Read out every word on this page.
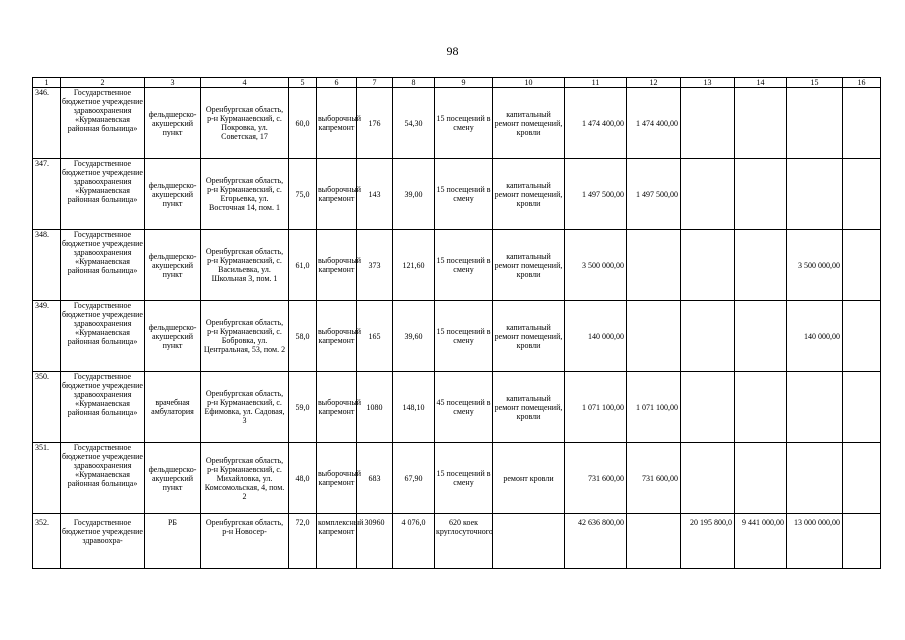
98
1	2	3	4	5	6	7	8	9	10	11	12	13	14	15	16
346.	Государственное бюджетное учреждение здравоохранения «Курманаевская районная больница»	фельдшерско-акушерский пункт	Оренбургская область, р-н Курманаевский, с. Покровка, ул. Советская, 17	60,0	выборочный капремонт	176	54,30	15 посещений в смену	капитальный ремонт помещений, кровли	1 474 400,00	1 474 400,00				
347.	Государственное бюджетное учреждение здравоохранения «Курманаевская районная больница»	фельдшерско-акушерский пункт	Оренбургская область, р-н Курманаевский, с. Егорьевка, ул. Восточная 14, пом. 1	75,0	выборочный капремонт	143	39,00	15 посещений в смену	капитальный ремонт помещений, кровли	1 497 500,00	1 497 500,00				
348.	Государственное бюджетное учреждение здравоохранения «Курманаевская районная больница»	фельдшерско-акушерский пункт	Оренбургская область, р-н Курманаевский, с. Васильевка, ул. Школьная 3, пом. 1	61,0	выборочный капремонт	373	121,60	15 посещений в смену	капитальный ремонт помещений, кровли	3 500 000,00				3 500 000,00	
349.	Государственное бюджетное учреждение здравоохранения «Курманаевская районная больница»	фельдшерско-акушерский пункт	Оренбургская область, р-н Курманаевский, с. Бобровка, ул. Центральная, 53, пом. 2	58,0	выборочный капремонт	165	39,60	15 посещений в смену	капитальный ремонт помещений, кровли	140 000,00				140 000,00	
350.	Государственное бюджетное учреждение здравоохранения «Курманаевская районная больница»	врачебная амбулатория	Оренбургская область, р-н Курманаевский, с. Ефимовка, ул. Садовая, 3	59,0	выборочный капремонт	1080	148,10	45 посещений в смену	капитальный ремонт помещений, кровли	1 071 100,00	1 071 100,00				
351.	Государственное бюджетное учреждение здравоохранения «Курманаевская районная больница»	фельдшерско-акушерский пункт	Оренбургская область, р-н Курманаевский, с. Михайловка, ул. Комсомольская, 4, пом. 2	48,0	выборочный капремонт	683	67,90	15 посещений в смену	ремонт кровли	731 600,00	731 600,00				
352.	Государственное бюджетное учреждение здравоохра-	РБ	Оренбургская область, р-н Новосер-	72,0	комплексный капремонт	30960	4 076,0	620 коек круглосуточного		42 636 800,00		20 195 800,0	9 441 000,00	13 000 000,00	
